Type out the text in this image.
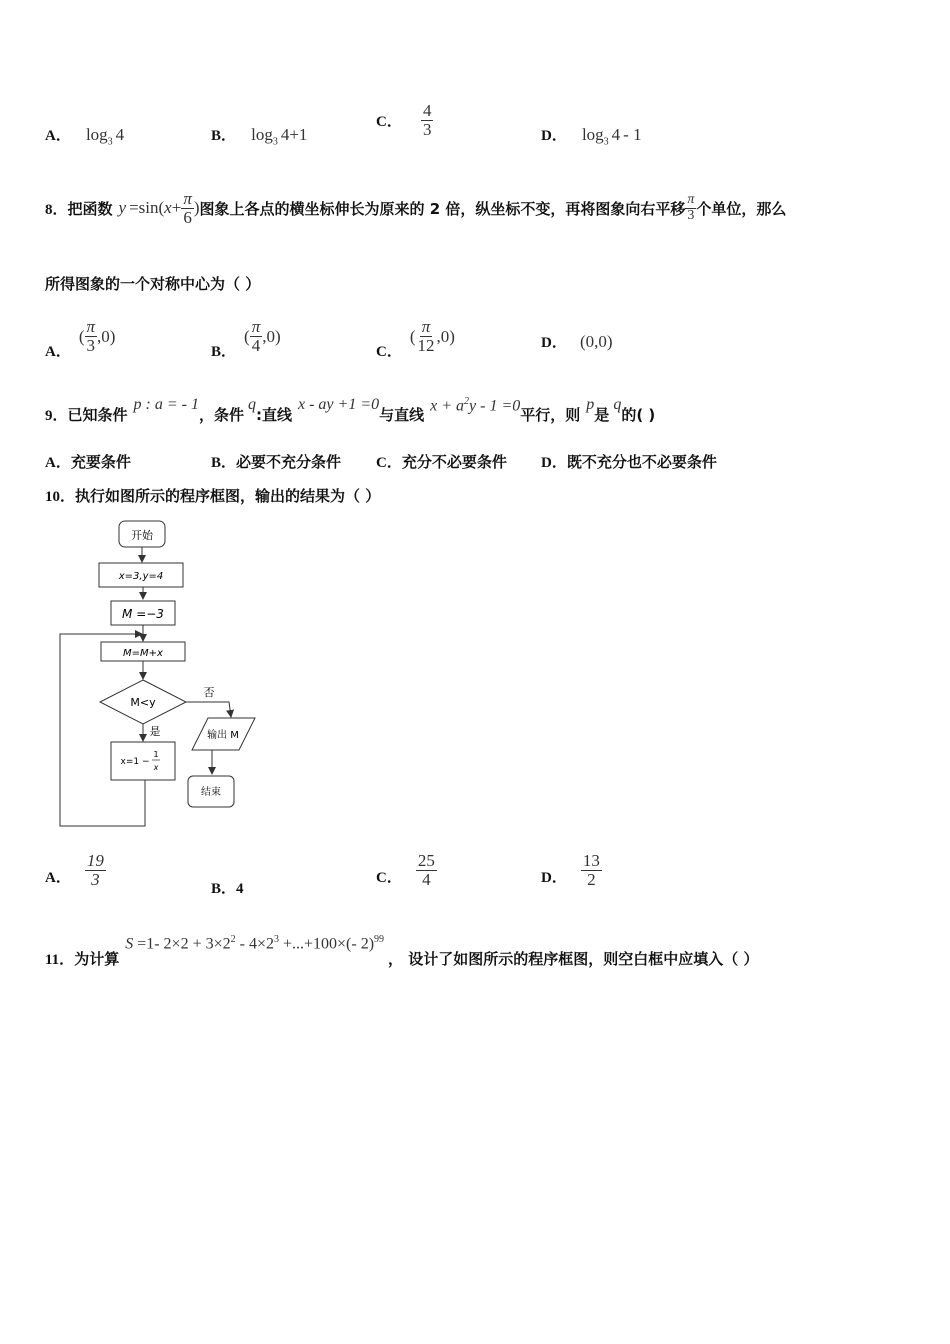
A． $\log_3 4$	B． $\log_3 4+1$
C． $\frac{4}{3}$	D． $\log_3 4 - 1$
8． 把函数 y =sin( $x + \frac{\pi}{6}$ ) 图象上各点的横坐标伸长为原来的 2 倍，纵坐标不变，再将图象向右平移 $\frac{\pi}{3}$ 个单位，那么
所得图象的一个对称中心为（ ）
A．
( $\frac{\pi}{3} ,0$)
B．
( $\frac{\pi}{4} ,0$)
C．
( $\frac{\pi}{12} ,0$)	D． (0,0)
9． 已知条件
p : a = - 1
，条件
q
:直线
x - ay +1 =0
与直线
$x + a^2y - 1 =0$
平行，则
p
是
q
的( )
A．充要条件	B．必要不充分条件 C．充分不必要条件 D．既不充分也不必要条件
10．执行如图所示的程序框图，输出的结果为（ ）
开始
x=3,y=4
M =−3
M=M+x
M<y
否
输出 M
结束
是
x=1 −
1
x
A． $\frac{19}{3}$
B．4
C． $\frac{25}{4}$	D． $\frac{13}{2}$
11． 为计算
S =1- $2\times 2 + 3\times 2^2 - 4\times 2^3 +...+100\times(-$ 2)$^{99}$
， 设计了如图所示的程序框图，则空白框中应填入（ ）
